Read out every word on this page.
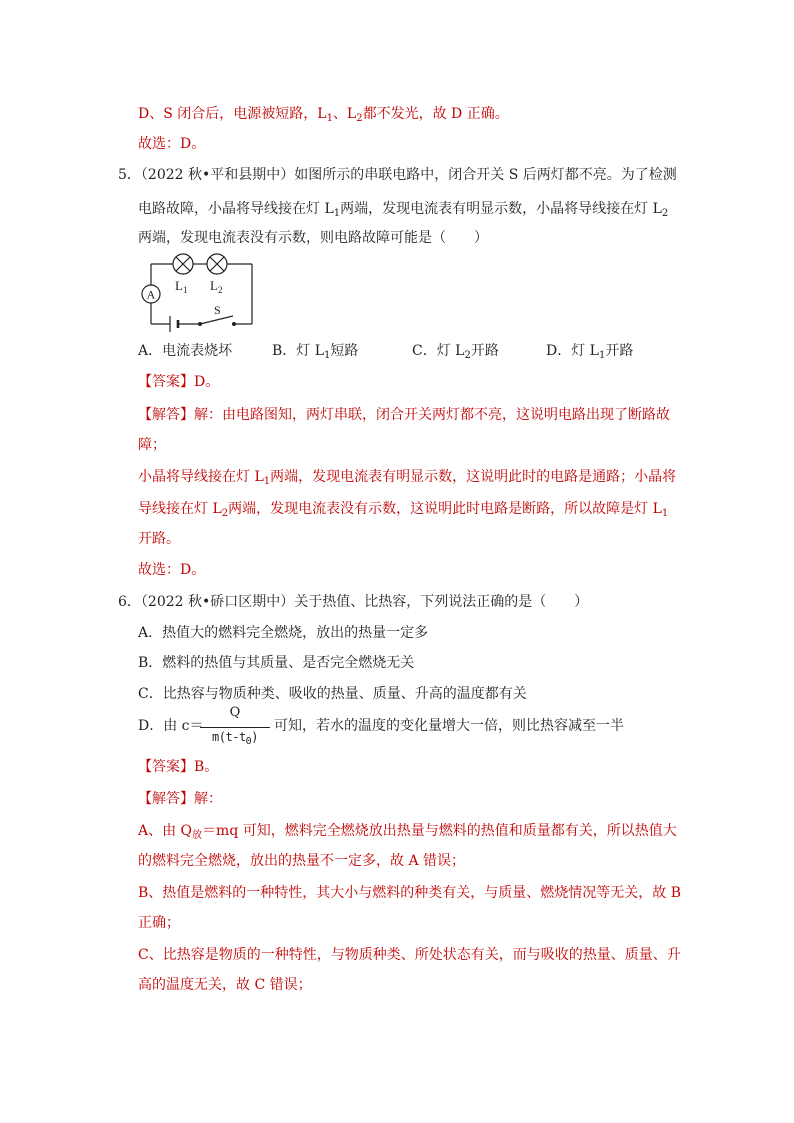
D、S 闭合后，电源被短路，$L_1$、$L_2$都不发光，故 D 正确。
故选：D。
5．（2022 秋•平和县期中）如图所示的串联电路中，闭合开关 S 后两灯都不亮。为了检测
电路故障，小晶将导线接在灯 $L_1$两端，发现电流表有明显示数，小晶将导线接在灯 $L_2$
两端，发现电流表没有示数，则电路故障可能是（　　）
A
S
$L_1$ $L_2$
A．电流表烧坏	B．灯 $L_1$短路	C．灯 $L_2$开路	D．灯 $L_1$开路
【答案】D。
【解答】解：由电路图知，两灯串联，闭合开关两灯都不亮，这说明电路出现了断路故
障；
小晶将导线接在灯 $L_1$两端，发现电流表有明显示数，这说明此时的电路是通路；小晶将
导线接在灯 $L_2$两端，发现电流表没有示数，这说明此时电路是断路，所以故障是灯 $L_1$
开路。
故选：D。
6．（2022 秋•硚口区期中）关于热值、比热容，下列说法正确的是（　　）
A．热值大的燃料完全燃烧，放出的热量一定多
B．燃料的热值与其质量、是否完全燃烧无关
C．比热容与物质种类、吸收的热量、质量、升高的温度都有关
D．由 c＝
Q
$m(t-t_0)$
可知，若水的温度的变化量增大一倍，则比热容减至一半
【答案】B。
【解答】解：
A、由 $Q_放=mq$ 可知，燃料完全燃烧放出热量与燃料的热值和质量都有关，所以热值大
的燃料完全燃烧，放出的热量不一定多，故 A 错误；
B、热值是燃料的一种特性，其大小与燃料的种类有关，与质量、燃烧情况等无关，故 B
正确；
C、比热容是物质的一种特性，与物质种类、所处状态有关，而与吸收的热量、质量、升
高的温度无关，故 C 错误；
